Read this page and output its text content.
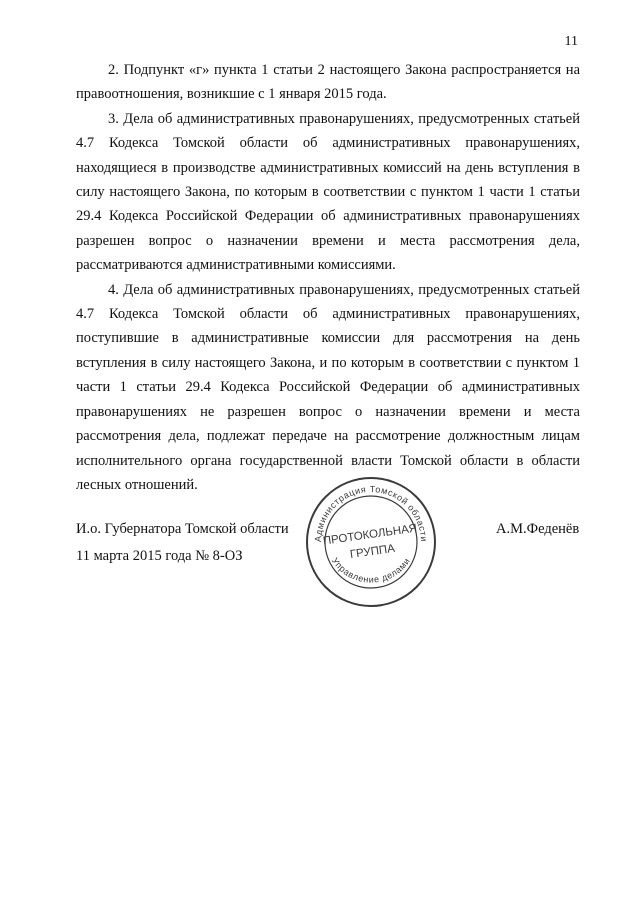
11

2. Подпункт «г» пункта 1 статьи 2 настоящего Закона распространяется на правоотношения, возникшие с 1 января 2015 года.

3. Дела об административных правонарушениях, предусмотренных статьей 4.7 Кодекса Томской области об административных правонарушениях, находящиеся в производстве административных комиссий на день вступления в силу настоящего Закона, по которым в соответствии с пунктом 1 части 1 статьи 29.4 Кодекса Российской Федерации об административных правонарушениях разрешен вопрос о назначении времени и места рассмотрения дела, рассматриваются административными комиссиями.

4. Дела об административных правонарушениях, предусмотренных статьей 4.7 Кодекса Томской области об административных правонарушениях, поступившие в административные комиссии для рассмотрения на день вступления в силу настоящего Закона, и по которым в соответствии с пунктом 1 части 1 статьи 29.4 Кодекса Российской Федерации об административных правонарушениях не разрешен вопрос о назначении времени и места рассмотрения дела, подлежат передаче на рассмотрение должностным лицам исполнительного органа государственной власти Томской области в области лесных отношений.

И.о. Губернатора Томской области	А.М.Феденёв
11 марта 2015 года № 8-ОЗ
Администрация Томской области
Управление делами
ПРОТОКОЛЬНАЯ
ГРУППА
